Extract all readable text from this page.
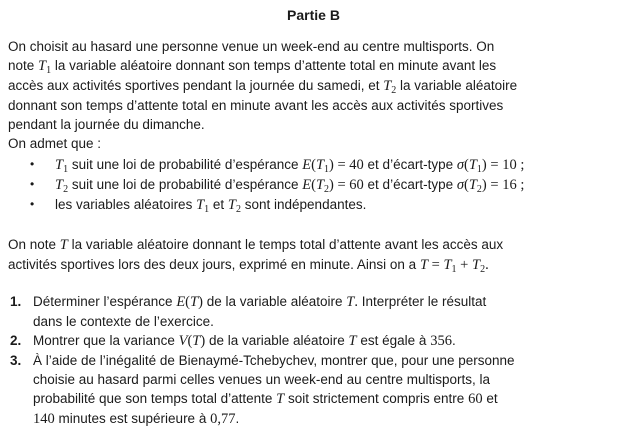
Partie B
On choisit au hasard une personne venue un week-end au centre multisports. On
note $T_1$ la variable aléatoire donnant son temps d’attente total en minute avant les
accès aux activités sportives pendant la journée du samedi, et $T_2$ la variable aléatoire
donnant son temps d’attente total en minute avant les accès aux activités sportives
pendant la journée du dimanche.
On admet que :
•	$T_1$ suit une loi de probabilité d’espérance $E(T_1) = 40$ et d’écart-type $\sigma(T_1) = 10$ ;
•	$T_2$ suit une loi de probabilité d’espérance $E(T_2) = 60$ et d’écart-type $\sigma(T_2) = 16$ ;
•	les variables aléatoires $T_1$ et $T_2$ sont indépendantes.
On note T la variable aléatoire donnant le temps total d’attente avant les accès aux
activités sportives lors des deux jours, exprimé en minute. Ainsi on a $T = T_1 + T_2$.
1. Déterminer l’espérance E(T) de la variable aléatoire T. Interpréter le résultat
dans le contexte de l’exercice.
2. Montrer que la variance V(T) de la variable aléatoire T est égale à 356.
3. À l’aide de l’inégalité de Bienaymé-Tchebychev, montrer que, pour une personne
choisie au hasard parmi celles venues un week-end au centre multisports, la
probabilité que son temps total d’attente T soit strictement compris entre 60 et
140 minutes est supérieure à 0,77.
